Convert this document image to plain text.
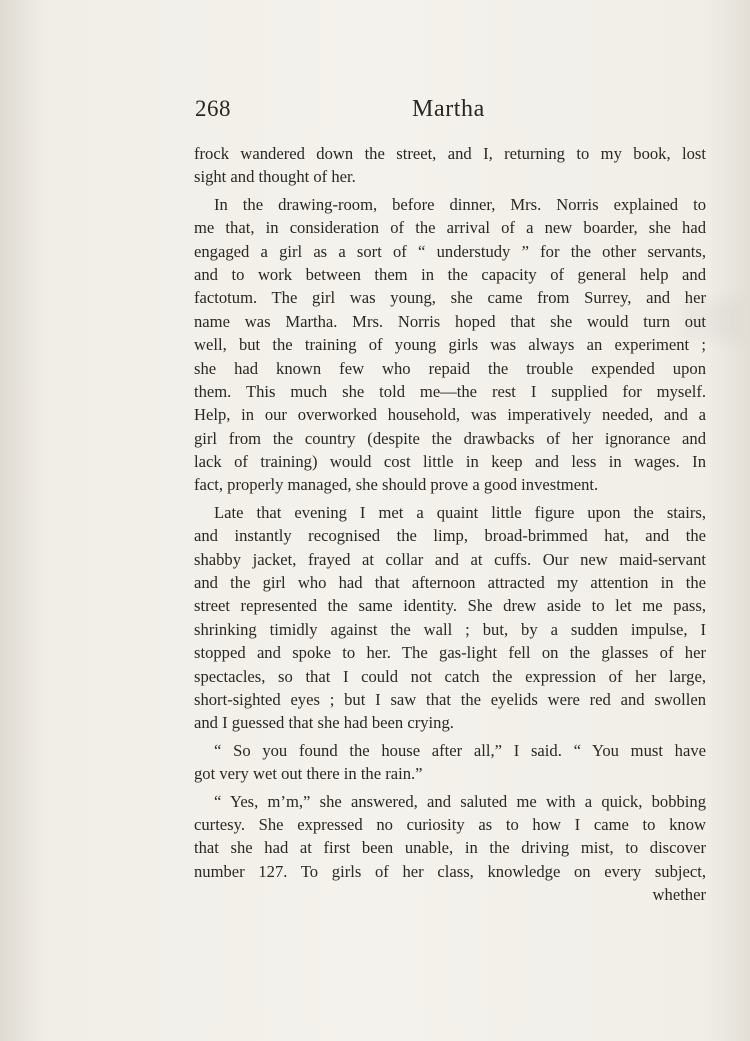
268	Martha
frock wandered down the street, and I, returning to my book, lost
sight and thought of her.
In the drawing-room, before dinner, Mrs. Norris explained to
me that, in consideration of the arrival of a new boarder, she had
engaged a girl as a sort of “ understudy ” for the other servants,
and to work between them in the capacity of general help and
factotum. The girl was young, she came from Surrey, and her
name was Martha. Mrs. Norris hoped that she would turn out
well, but the training of young girls was always an experiment ;
she had known few who repaid the trouble expended upon
them. This much she told me—the rest I supplied for myself.
Help, in our overworked household, was imperatively needed, and a
girl from the country (despite the drawbacks of her ignorance and
lack of training) would cost little in keep and less in wages. In
fact, properly managed, she should prove a good investment.
Late that evening I met a quaint little figure upon the stairs,
and instantly recognised the limp, broad-brimmed hat, and the
shabby jacket, frayed at collar and at cuffs. Our new maid-servant
and the girl who had that afternoon attracted my attention in the
street represented the same identity. She drew aside to let me pass,
shrinking timidly against the wall ; but, by a sudden impulse, I
stopped and spoke to her. The gas-light fell on the glasses of her
spectacles, so that I could not catch the expression of her large,
short-sighted eyes ; but I saw that the eyelids were red and swollen
and I guessed that she had been crying.
“ So you found the house after all,” I said. “ You must have
got very wet out there in the rain.”
“ Yes, m’m,” she answered, and saluted me with a quick, bobbing
curtesy. She expressed no curiosity as to how I came to know
that she had at first been unable, in the driving mist, to discover
number 127. To girls of her class, knowledge on every subject,
whether
